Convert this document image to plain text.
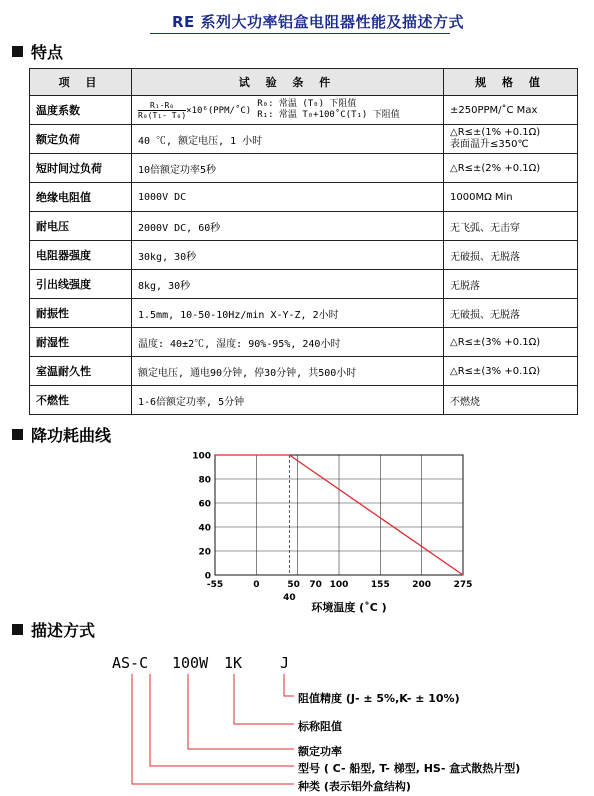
RE 系列大功率铝盒电阻器性能及描述方式
特点
项 目	试 验 条 件	规 格 值
温度系数	$\frac{\text{R₁-R₀}}{\text{R₀(T₁- T₀)}}\times 10^6(PPM/˚C)$ R₀: 常温 (T₀) 下阻值
R₁: 常温 T₀+100˚C(T₁) 下阻值	±250PPM/˚C Max
额定负荷	40 ℃, 额定电压, 1 小时	△R≤±(1% +0.1Ω)
表面温升≤350℃
短时间过负荷	10倍额定功率5秒	△R≤±(2% +0.1Ω)
绝缘电阻值	1000V DC	1000MΩ Min
耐电压	2000V DC, 60秒	无飞弧、无击穿
电阻器强度	30kg, 30秒	无破损、无脱落
引出线强度	8kg, 30秒	无脱落
耐振性	1.5mm, 10-50-10Hz/min X-Y-Z, 2小时	无破损、无脱落
耐湿性	温度: 40±2℃, 湿度: 90%-95%, 240小时	△R≤±(3% +0.1Ω)
室温耐久性	额定电压, 通电90分钟, 停30分钟, 共500小时	△R≤±(3% +0.1Ω)
不燃性	1-6倍额定功率, 5分钟	不燃烧
降功耗曲线
0
20
40
60
80
100
-55	0	50 70 100	155	200	275
40
环境温度 (˚C )
描述方式
AS-C 100W 1K	J
阻值精度 (J- ± 5%,K- ± 10%)
标称阻值
额定功率
型号 ( C- 船型, T- 梯型, HS- 盒式散热片型)
种类 (表示铝外盒结构)
